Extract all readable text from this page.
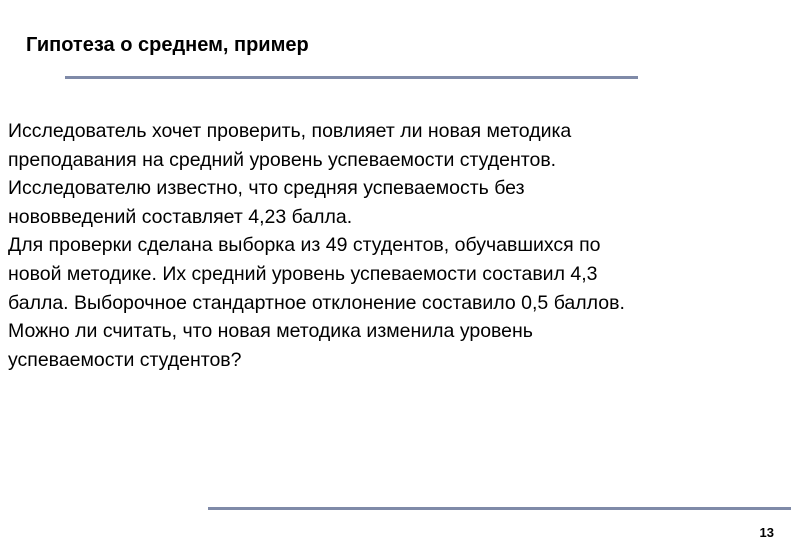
Гипотеза о среднем, пример

Исследователь хочет проверить, повлияет ли новая методика
преподавания на средний уровень успеваемости студентов.
Исследователю известно, что средняя успеваемость без
нововведений составляет 4,23 балла.
Для проверки сделана выборка из 49 студентов, обучавшихся по
новой методике. Их средний уровень успеваемости составил 4,3
балла. Выборочное стандартное отклонение составило 0,5 баллов.
Можно ли считать, что новая методика изменила уровень
успеваемости студентов?

13
